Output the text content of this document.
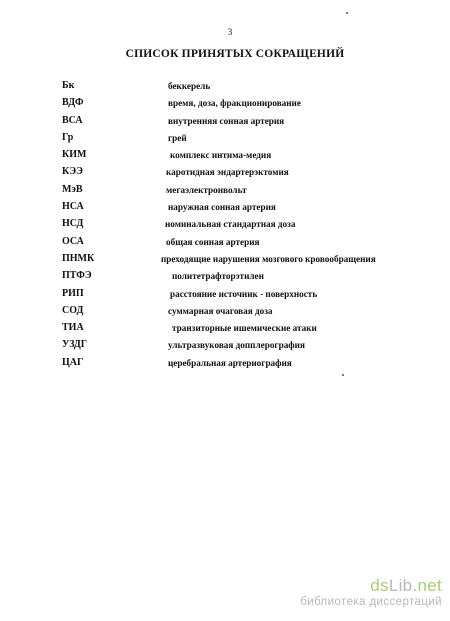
3
СПИСОК ПРИНЯТЫХ СОКРАЩЕНИЙ
Бк	беккерель
ВДФ	время, доза, фракционирование
ВСА	внутренняя сонная артерия
Гр	грей
КИМ	комплекс интима-медия
КЭЭ	каротидная эндартерэктомия
МэВ	мегаэлектронвольт
НСА	наружная сонная артерия
НСД	номинальная стандартная доза
ОСА	общая сонная артерия
ПНМК	преходящие нарушения мозгового кровообращения
ПТФЭ	политетрафторэтилен
РИП	расстояние источник - поверхность
СОД	суммарная очаговая доза
ТИА	транзиторные ишемические атаки
УЗДГ	ультразвуковая допплерография
ЦАГ	церебральная артериография
dsLib.net
библиотека диссертаций
